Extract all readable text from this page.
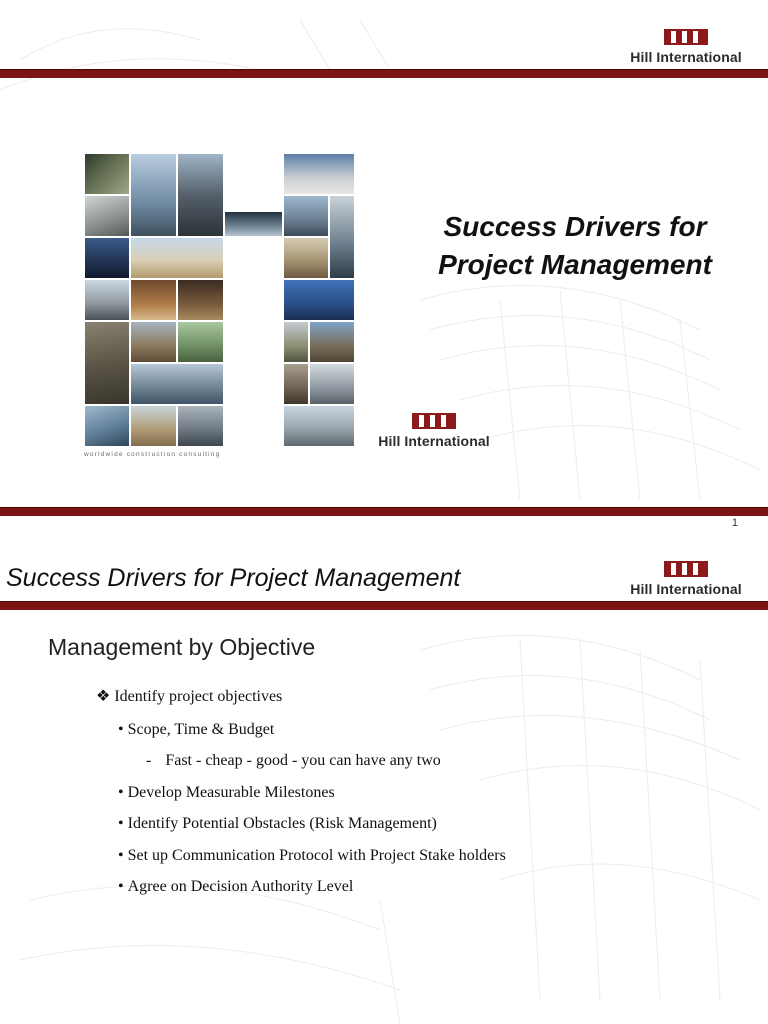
Hill International
worldwide construction consulting
Success Drivers for
Project Management
Hill International
1
Success Drivers for Project Management	Hill International
Management by Objective
❖ Identify project objectives
• Scope, Time & Budget
- Fast - cheap - good - you can have any two
• Develop Measurable Milestones
• Identify Potential Obstacles (Risk Management)
• Set up Communication Protocol with Project Stake holders
• Agree on Decision Authority Level
